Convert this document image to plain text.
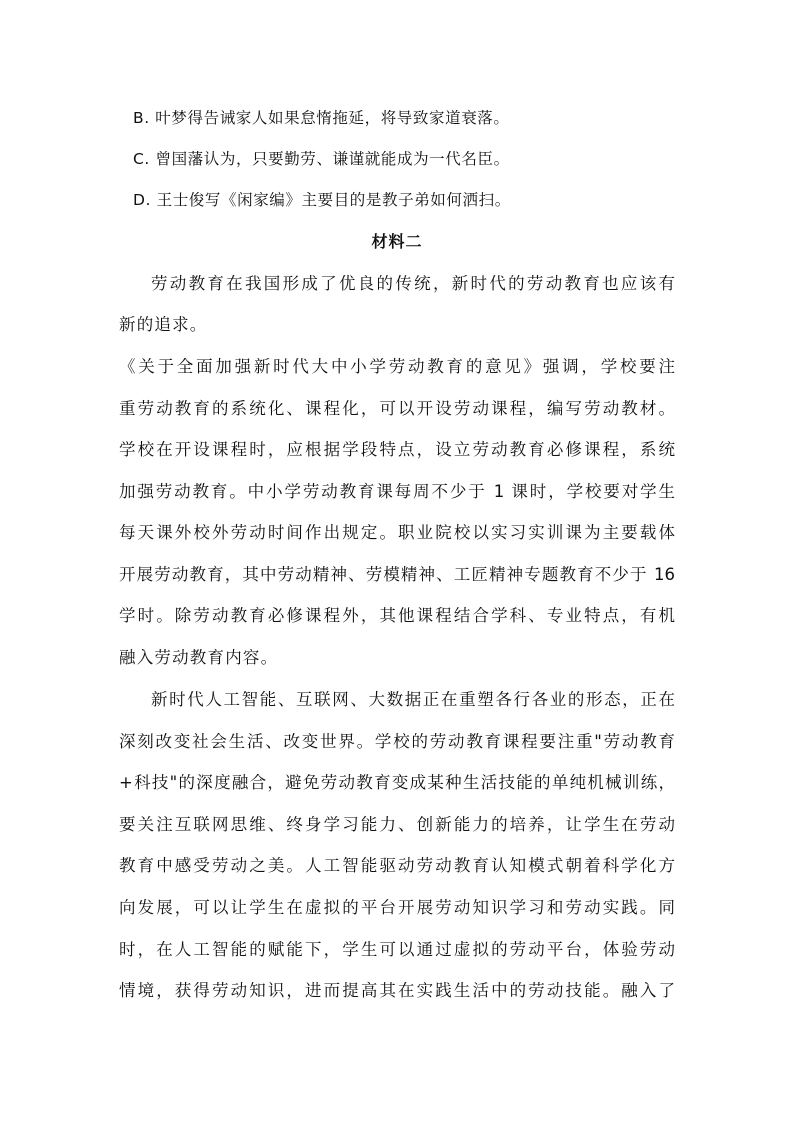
B. 叶梦得告诫家人如果怠惰拖延，将导致家道衰落。
C. 曾国藩认为，只要勤劳、谦谨就能成为一代名臣。
D. 王士俊写《闲家编》主要目的是教子弟如何洒扫。
材料二
劳动教育在我国形成了优良的传统，新时代的劳动教育也应该有
新的追求。
《关于全面加强新时代大中小学劳动教育的意见》强调，学校要注
重劳动教育的系统化、课程化，可以开设劳动课程，编写劳动教材。
学校在开设课程时，应根据学段特点，设立劳动教育必修课程，系统
加强劳动教育。中小学劳动教育课每周不少于 1 课时，学校要对学生
每天课外校外劳动时间作出规定。职业院校以实习实训课为主要载体
开展劳动教育，其中劳动精神、劳模精神、工匠精神专题教育不少于 16
学时。除劳动教育必修课程外，其他课程结合学科、专业特点，有机
融入劳动教育内容。
新时代人工智能、互联网、大数据正在重塑各行各业的形态，正在
深刻改变社会生活、改变世界。学校的劳动教育课程要注重"劳动教育
+科技"的深度融合，避免劳动教育变成某种生活技能的单纯机械训练，
要关注互联网思维、终身学习能力、创新能力的培养，让学生在劳动
教育中感受劳动之美。人工智能驱动劳动教育认知模式朝着科学化方
向发展，可以让学生在虚拟的平台开展劳动知识学习和劳动实践。同
时，在人工智能的赋能下，学生可以通过虚拟的劳动平台，体验劳动
情境，获得劳动知识，进而提高其在实践生活中的劳动技能。融入了
